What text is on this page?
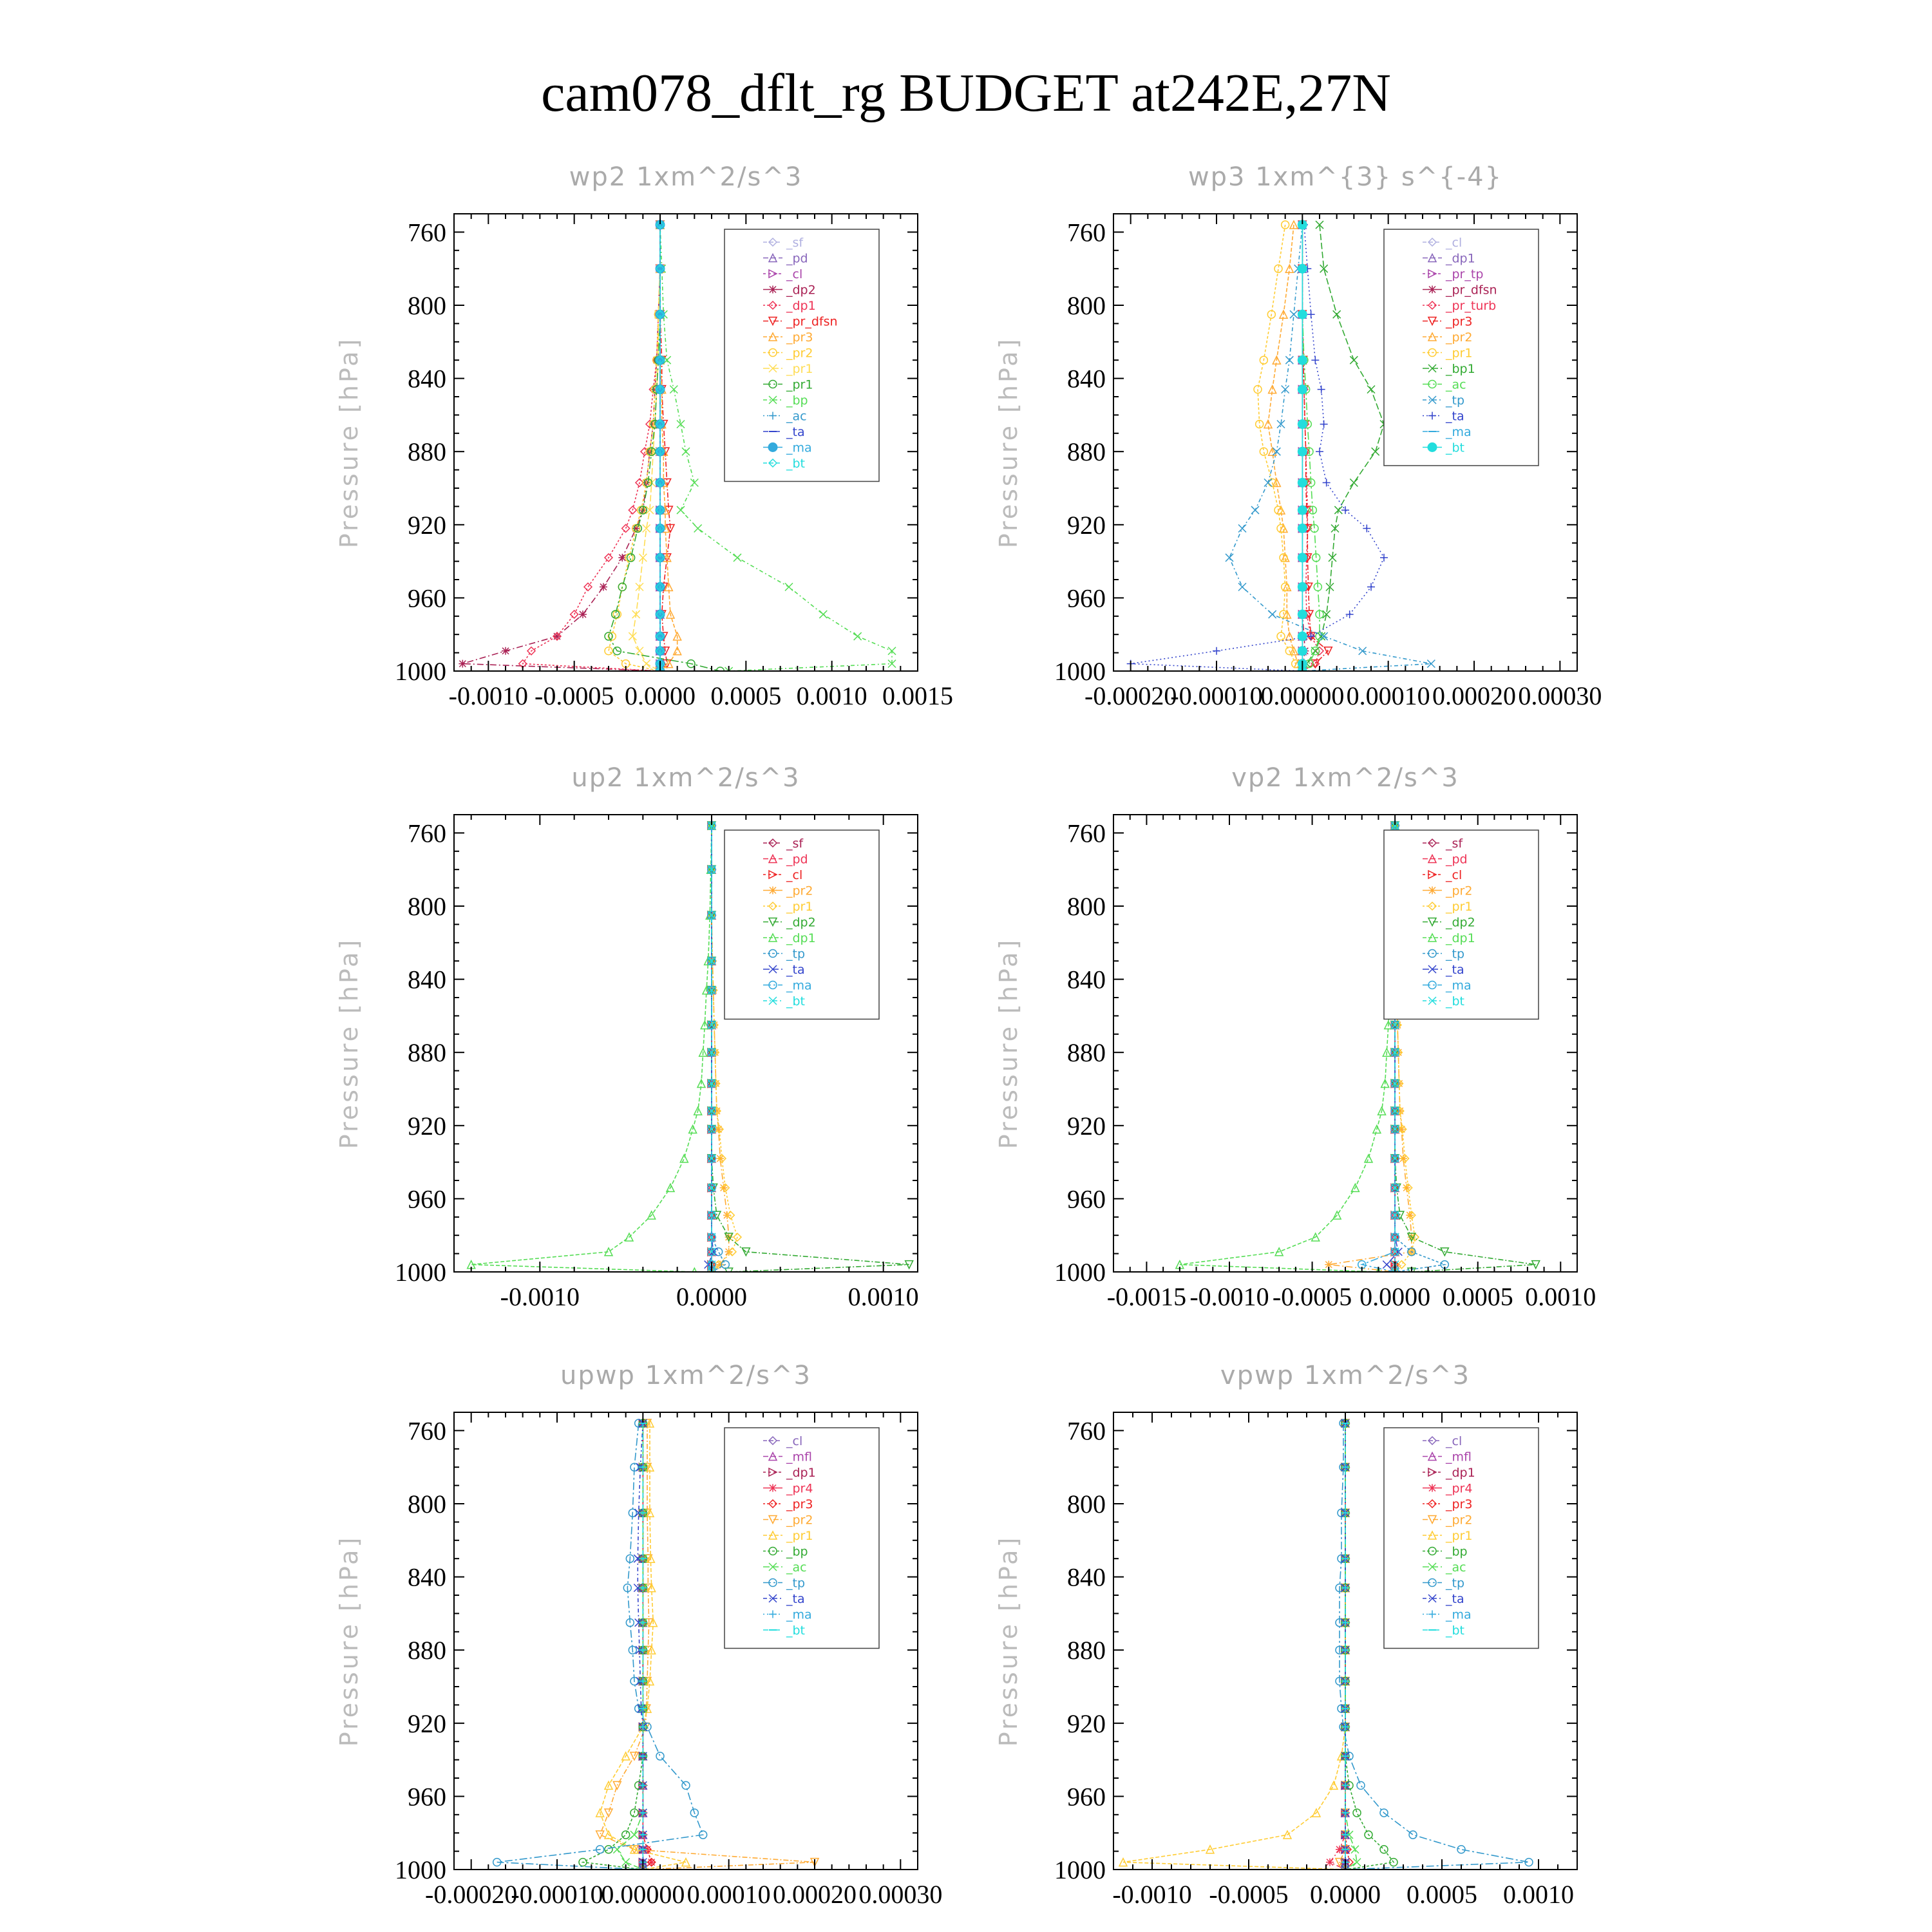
cam078_dflt_rg BUDGET at242E,27N
wp2 1xm^2/s^3
Pressure [hPa]
760
800
840
880
920
960
1000
-0.0010 -0.0005 0.0000 0.0005 0.0010 0.0015
_sf
_pd
_cl
_dp2
_dp1
_pr_dfsn
_pr3
_pr2
_pr1
_pr1
_bp
_ac
_ta
_ma
_bt
wp3 1xm^{3} s^{-4}
Pressure [hPa]
760
800
840
880
920
960
1000
-0.00020
-0.00010
0.00000 0.00010 0.00020 0.00030
_cl
_dp1
_pr_tp
_pr_dfsn
_pr_turb
_pr3
_pr2
_pr1
_bp1
_ac
_tp
_ta
_ma
_bt
up2 1xm^2/s^3
Pressure [hPa]
760
800
840
880
920
960
1000
-0.0010	0.0000	0.0010
_sf
_pd
_cl
_pr2
_pr1
_dp2
_dp1
_tp
_ta
_ma
_bt
vp2 1xm^2/s^3
Pressure [hPa]
760
800
840
880
920
960
1000
-0.0015 -0.0010 -0.0005 0.0000 0.0005 0.0010
_sf
_pd
_cl
_pr2
_pr1
_dp2
_dp1
_tp
_ta
_ma
_bt
upwp 1xm^2/s^3
Pressure [hPa]
760
800
840
880
920
960
1000
-0.00020
-0.00010
0.00000 0.00010 0.00020 0.00030
_cl
_mfl
_dp1
_pr4
_pr3
_pr2
_pr1
_bp
_ac
_tp
_ta
_ma
_bt
vpwp 1xm^2/s^3
Pressure [hPa]
760
800
840
880
920
960
1000
-0.0010 -0.0005 0.0000 0.0005 0.0010
_cl
_mfl
_dp1
_pr4
_pr3
_pr2
_pr1
_bp
_ac
_tp
_ta
_ma
_bt
